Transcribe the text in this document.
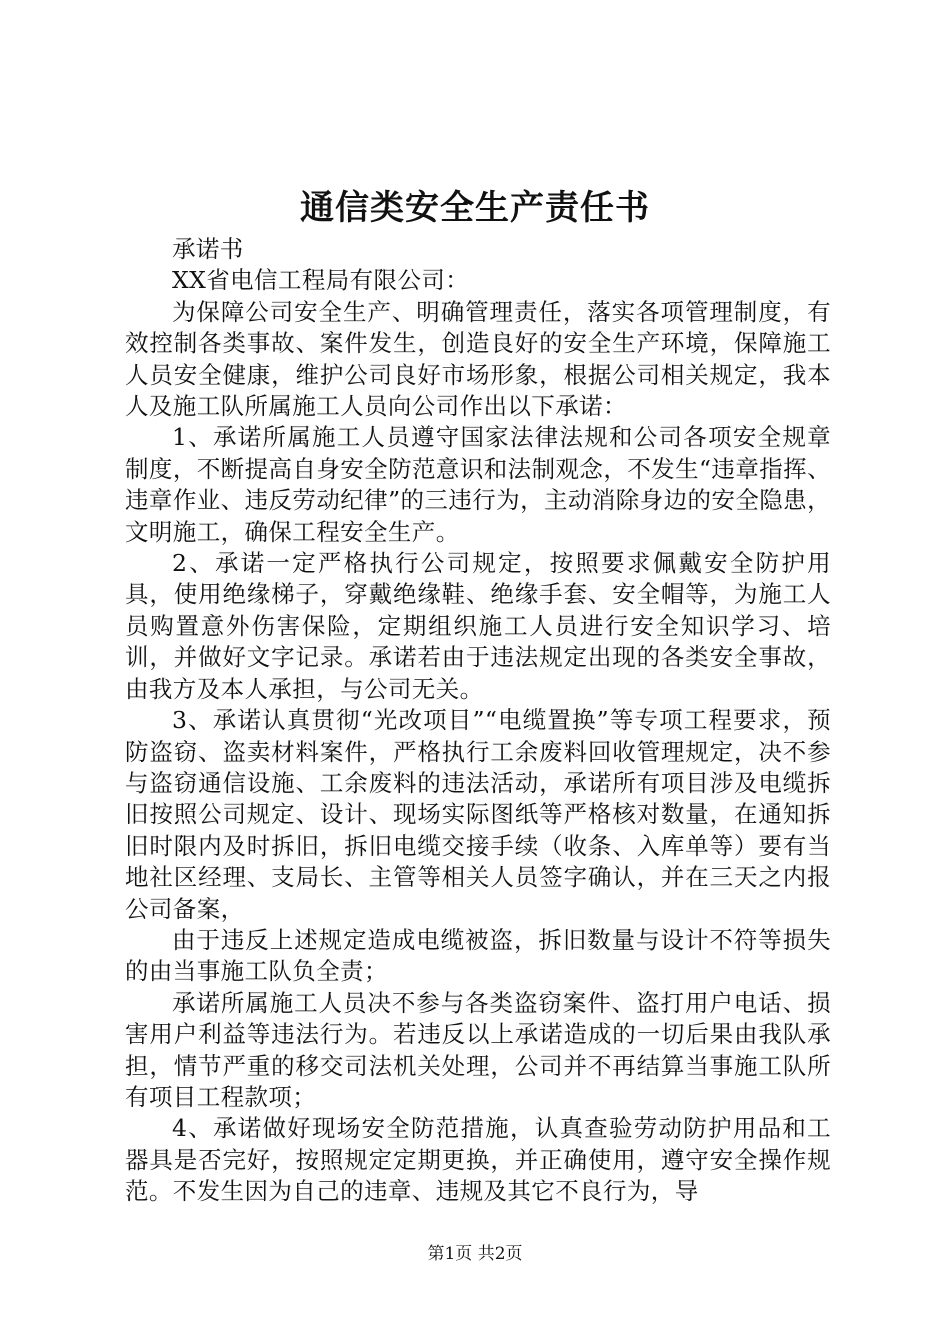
通信类安全生产责任书

承诺书

XX省电信工程局有限公司：

为保障公司安全生产、明确管理责任，落实各项管理制度，有效控制各类事故、案件发生，创造良好的安全生产环境，保障施工人员安全健康，维护公司良好市场形象，根据公司相关规定，我本人及施工队所属施工人员向公司作出以下承诺：

1、承诺所属施工人员遵守国家法律法规和公司各项安全规章制度，不断提高自身安全防范意识和法制观念，不发生“违章指挥、违章作业、违反劳动纪律”的三违行为，主动消除身边的安全隐患，文明施工，确保工程安全生产。

2、承诺一定严格执行公司规定，按照要求佩戴安全防护用具，使用绝缘梯子，穿戴绝缘鞋、绝缘手套、安全帽等，为施工人员购置意外伤害保险，定期组织施工人员进行安全知识学习、培训，并做好文字记录。承诺若由于违法规定出现的各类安全事故，由我方及本人承担，与公司无关。

3、承诺认真贯彻“光改项目”“电缆置换”等专项工程要求，预防盗窃、盗卖材料案件，严格执行工余废料回收管理规定，决不参与盗窃通信设施、工余废料的违法活动，承诺所有项目涉及电缆拆旧按照公司规定、设计、现场实际图纸等严格核对数量，在通知拆旧时限内及时拆旧，拆旧电缆交接手续（收条、入库单等）要有当地社区经理、支局长、主管等相关人员签字确认，并在三天之内报公司备案，

由于违反上述规定造成电缆被盗，拆旧数量与设计不符等损失的由当事施工队负全责；

承诺所属施工人员决不参与各类盗窃案件、盗打用户电话、损害用户利益等违法行为。若违反以上承诺造成的一切后果由我队承担，情节严重的移交司法机关处理，公司并不再结算当事施工队所有项目工程款项；

4、承诺做好现场安全防范措施，认真查验劳动防护用品和工器具是否完好，按照规定定期更换，并正确使用，遵守安全操作规范。不发生因为自己的违章、违规及其它不良行为，导

第1页 共2页
